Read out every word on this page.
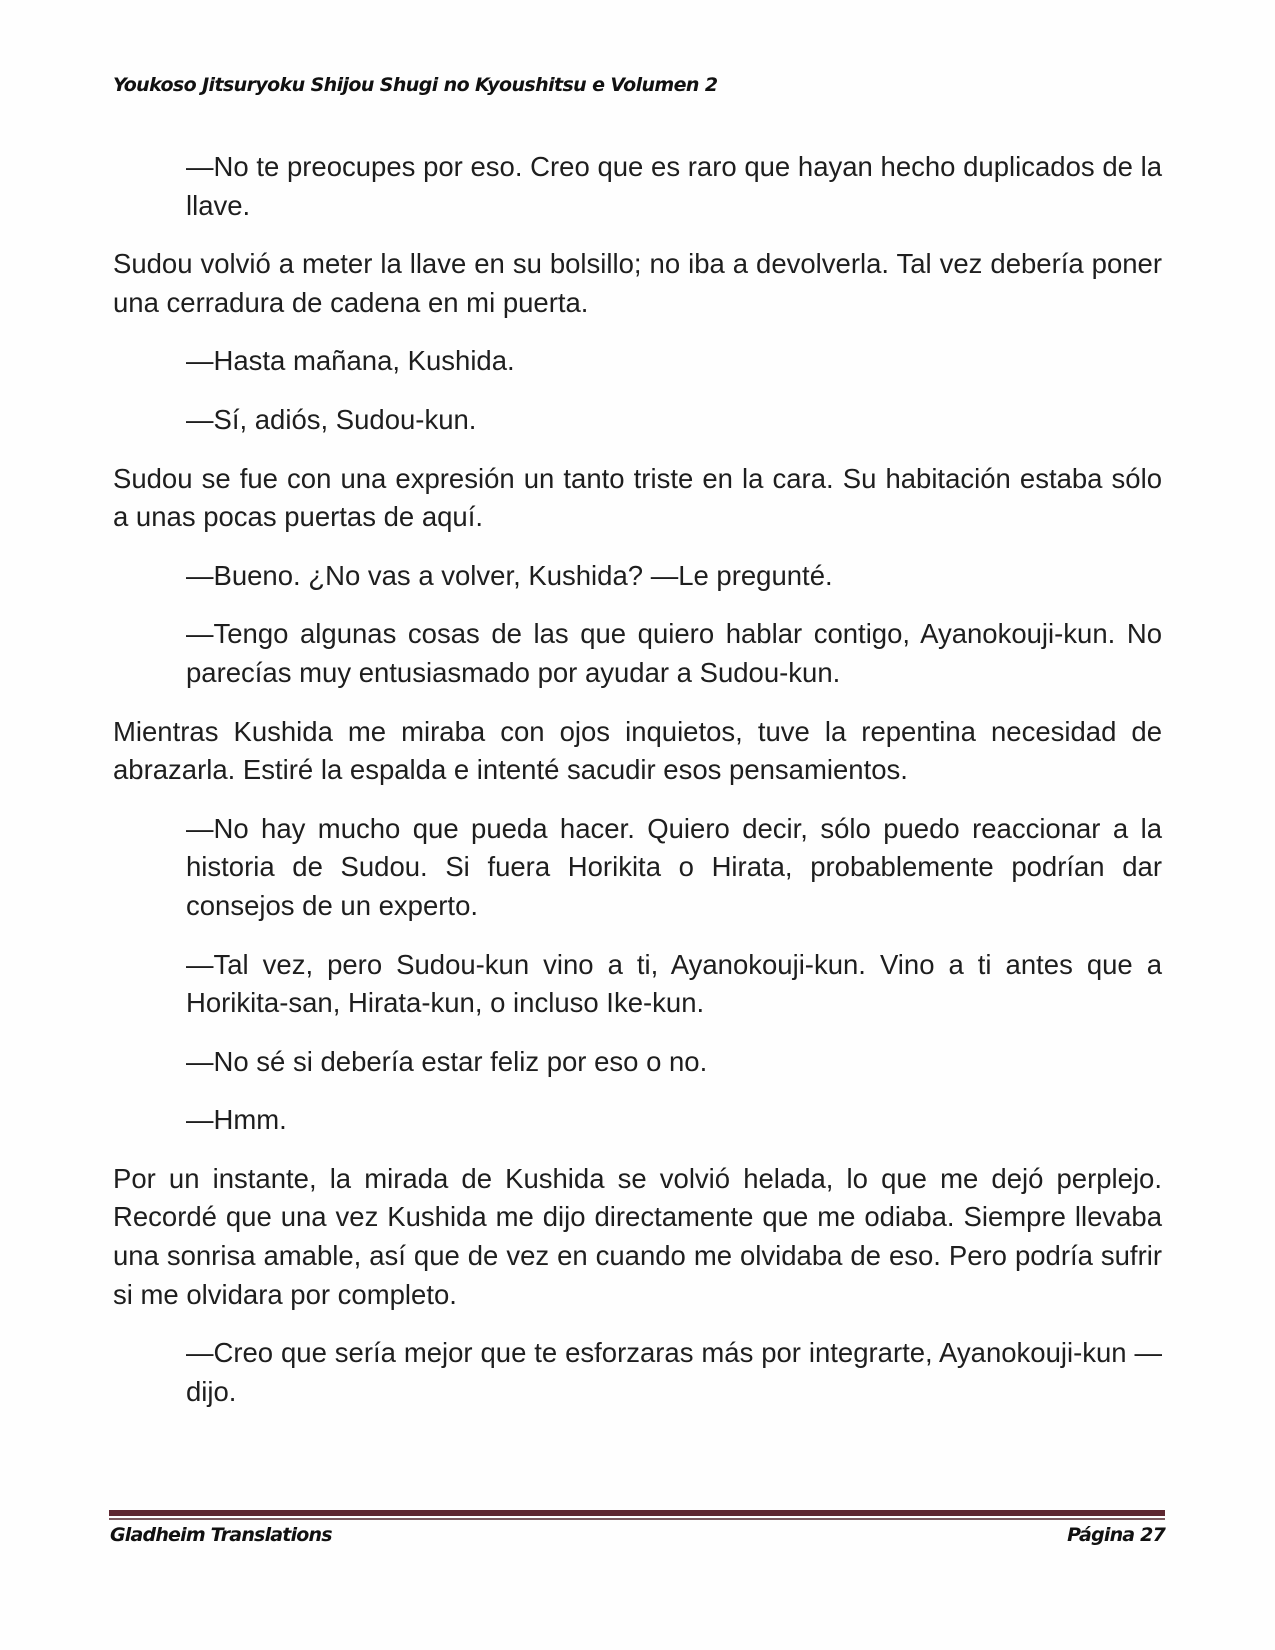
Youkoso Jitsuryoku Shijou Shugi no Kyoushitsu e Volumen 2

—No te preocupes por eso. Creo que es raro que hayan hecho duplicados de la llave.

Sudou volvió a meter la llave en su bolsillo; no iba a devolverla. Tal vez debería poner una cerradura de cadena en mi puerta.

—Hasta mañana, Kushida.

—Sí, adiós, Sudou-kun.

Sudou se fue con una expresión un tanto triste en la cara. Su habitación estaba sólo a unas pocas puertas de aquí.

—Bueno. ¿No vas a volver, Kushida? —Le pregunté.

—Tengo algunas cosas de las que quiero hablar contigo, Ayanokouji-kun. No parecías muy entusiasmado por ayudar a Sudou-kun.

Mientras Kushida me miraba con ojos inquietos, tuve la repentina necesidad de abrazarla. Estiré la espalda e intenté sacudir esos pensamientos.

—No hay mucho que pueda hacer. Quiero decir, sólo puedo reaccionar a la historia de Sudou. Si fuera Horikita o Hirata, probablemente podrían dar consejos de un experto.

—Tal vez, pero Sudou-kun vino a ti, Ayanokouji-kun. Vino a ti antes que a Horikita-san, Hirata-kun, o incluso Ike-kun.

—No sé si debería estar feliz por eso o no.

—Hmm.

Por un instante, la mirada de Kushida se volvió helada, lo que me dejó perplejo. Recordé que una vez Kushida me dijo directamente que me odiaba. Siempre llevaba una sonrisa amable, así que de vez en cuando me olvidaba de eso. Pero podría sufrir si me olvidara por completo.

—Creo que sería mejor que te esforzaras más por integrarte, Ayanokouji-kun —dijo.

Gladheim Translations	Página 27
